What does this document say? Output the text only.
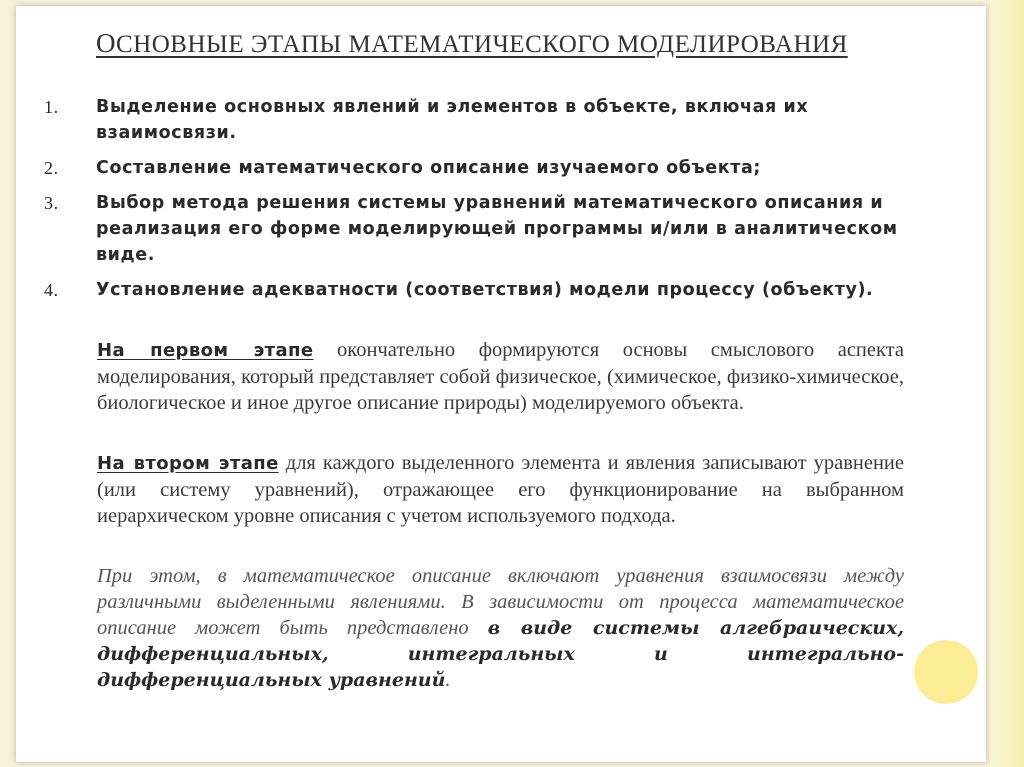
ОСНОВНЫЕ ЭТАПЫ МАТЕМАТИЧЕСКОГО МОДЕЛИРОВАНИЯ
1.	Выделение основных явлений и элементов в объекте, включая их взаимосвязи.
2.	Составление математического описание изучаемого объекта;
3.	Выбор метода решения системы уравнений математического описания и реализация его форме моделирующей программы и/или в аналитическом виде.
4.	Установление адекватности (соответствия) модели процессу (объекту).
На первом этапе окончательно формируются основы смыслового аспекта моделирования, который представляет собой физическое, (химическое, физико-химическое, биологическое и иное другое описание природы) моделируемого объекта.
На втором этапе для каждого выделенного элемента и явления записывают уравнение (или систему уравнений), отражающее его функционирование на выбранном иерархическом уровне описания с учетом используемого подхода.
При этом, в математическое описание включают уравнения взаимосвязи между различными выделенными явлениями. В зависимости от процесса математическое описание может быть представлено в виде системы алгебраических, дифференциальных, интегральных и интегрально-дифференциальных уравнений.
